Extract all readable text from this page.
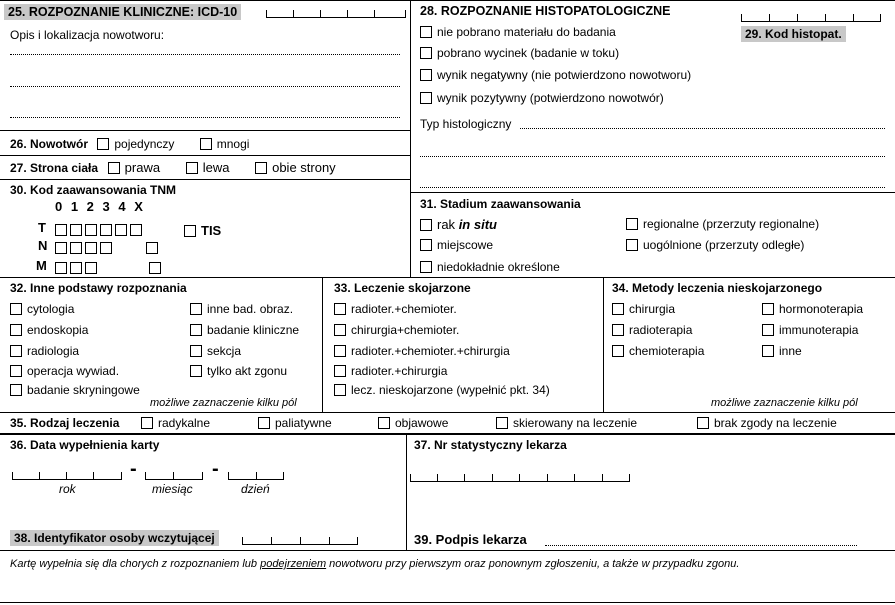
25. ROZPOZNANIE KLINICZNE: ICD-10
Opis i lokalizacja nowotworu:
26. Nowotwór pojedynczy	mnogi
27. Strona ciała prawa	lewa	obie strony
30. Kod zaawansowania TNM
0 1 2 3 4 X
T	TIS
N
M
28. ROZPOZNANIE HISTOPATOLOGICZNE
nie pobrano materiału do badania
pobrano wycinek (badanie w toku)
wynik negatywny (nie potwierdzono nowotworu)
wynik pozytywny (potwierdzono nowotwór)
Typ histologiczny
29. Kod histopat.
31. Stadium zaawansowania
rak in situ
miejscowe
niedokładnie określone
regionalne (przerzuty regionalne)
uogólnione (przerzuty odległe)
32. Inne podstawy rozpoznania
cytologia
endoskopia
radiologia
operacja wywiad.
badanie skryningowe
inne bad. obraz.
badanie kliniczne
sekcja
tylko akt zgonu
możliwe zaznaczenie kilku pól
33. Leczenie skojarzone
radioter.+chemioter.
chirurgia+chemioter.
radioter.+chemioter.+chirurgia
radioter.+chirurgia
lecz. nieskojarzone (wypełnić pkt. 34)
34. Metody leczenia nieskojarzonego
chirurgia
radioterapia
chemioterapia
hormonoterapia
immunoterapia
inne
możliwe zaznaczenie kilku pól
35. Rodzaj leczenia	radykalne	paliatywne	objawowe	skierowany na leczenie	brak zgody na leczenie
36. Data wypełnienia karty
-	-
rok	miesiąc	dzień
37. Nr statystyczny lekarza
38. Identyfikator osoby wczytującej	39. Podpis lekarza
Kartę wypełnia się dla chorych z rozpoznaniem lub podejrzeniem nowotworu przy pierwszym oraz ponownym zgłoszeniu, a także w przypadku zgonu.
